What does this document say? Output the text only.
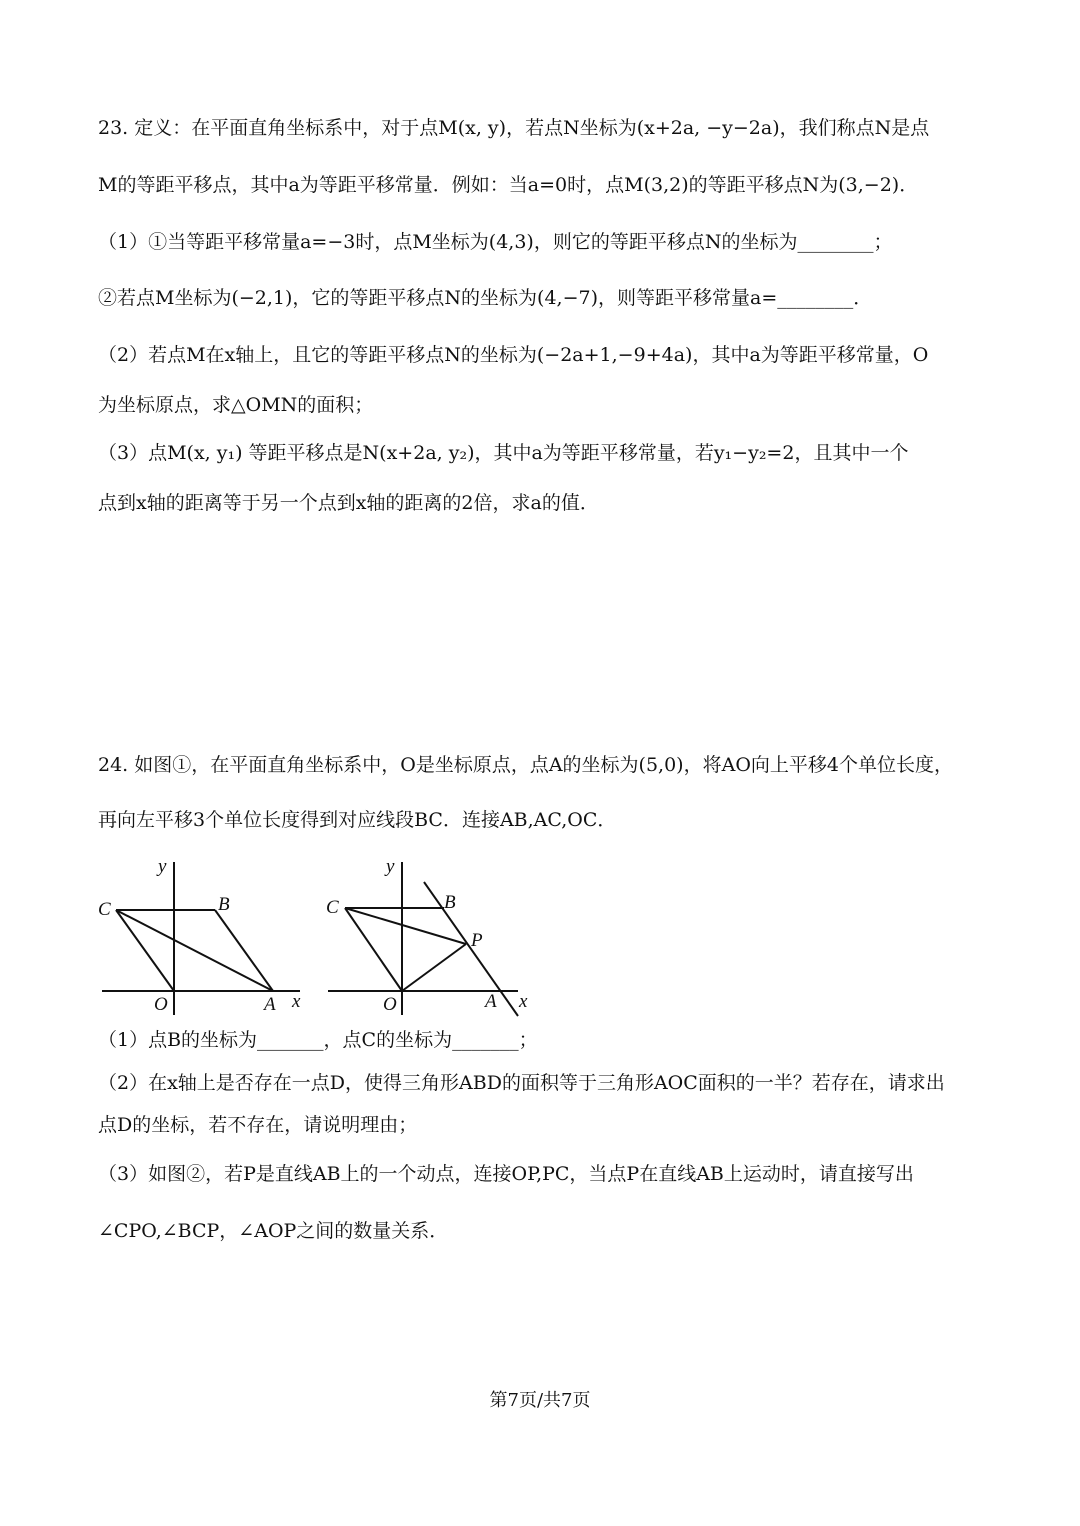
23. 定义：在平面直角坐标系中，对于点M(x, y)，若点N坐标为(x+2a, −y−2a)，我们称点N是点
M的等距平移点，其中a为等距平移常量．例如：当a=0时，点M(3,2)的等距平移点N为(3,−2)．
（1）①当等距平移常量a=−3时，点M坐标为(4,3)，则它的等距平移点N的坐标为________；
②若点M坐标为(−2,1)，它的等距平移点N的坐标为(4,−7)，则等距平移常量a=________．
（2）若点M在x轴上，且它的等距平移点N的坐标为(−2a+1,−9+4a)，其中a为等距平移常量，O
为坐标原点，求△OMN的面积；
（3）点M(x, y₁) 等距平移点是N(x+2a, y₂)，其中a为等距平移常量，若y₁−y₂=2，且其中一个
点到x轴的距离等于另一个点到x轴的距离的2倍，求a的值．
24. 如图①，在平面直角坐标系中，O是坐标原点，点A的坐标为(5,0)，将AO向上平移4个单位长度，
再向左平移3个单位长度得到对应线段BC．连接AB,AC,OC．
y
C	B
O	A x
y
C	B
P
O	A x
（1）点B的坐标为_______，点C的坐标为_______；
（2）在x轴上是否存在一点D，使得三角形ABD的面积等于三角形AOC面积的一半？若存在，请求出
点D的坐标，若不存在，请说明理由；
（3）如图②，若P是直线AB上的一个动点，连接OP,PC，当点P在直线AB上运动时，请直接写出
∠CPO,∠BCP，∠AOP之间的数量关系．
第7页/共7页
